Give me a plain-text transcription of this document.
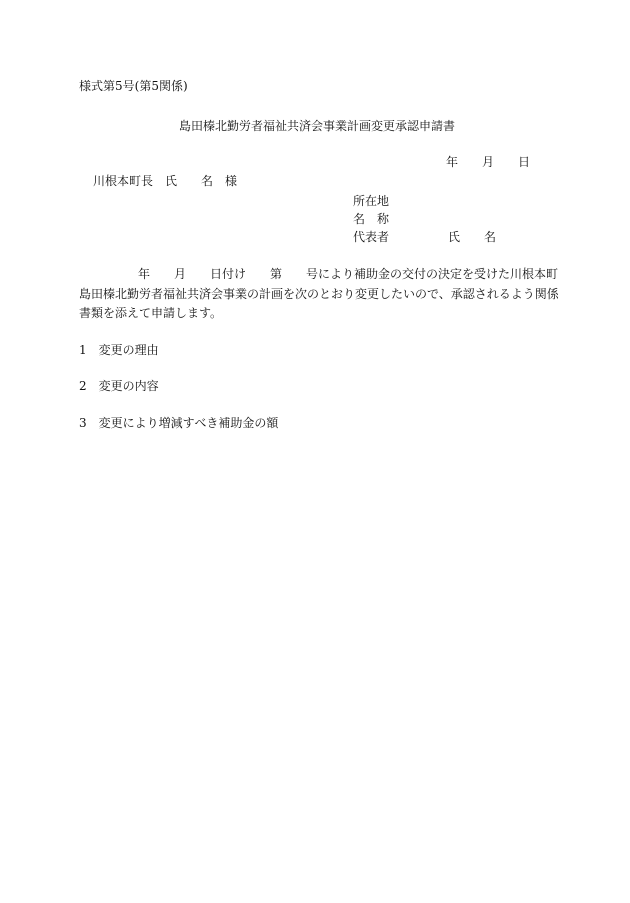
様式第5号(第5関係)
島田榛北勤労者福祉共済会事業計画変更承認申請書
年 月 日
川根本町長　氏　　名　様
所在地
名　称
代表者	氏　　名
年　　月　　日付け　　第　　号により補助金の交付の決定を受けた川根本町
島田榛北勤労者福祉共済会事業の計画を次のとおり変更したいので、承認されるよう関係
書類を添えて申請します。
1　変更の理由
2　変更の内容
3　変更により増減すべき補助金の額
